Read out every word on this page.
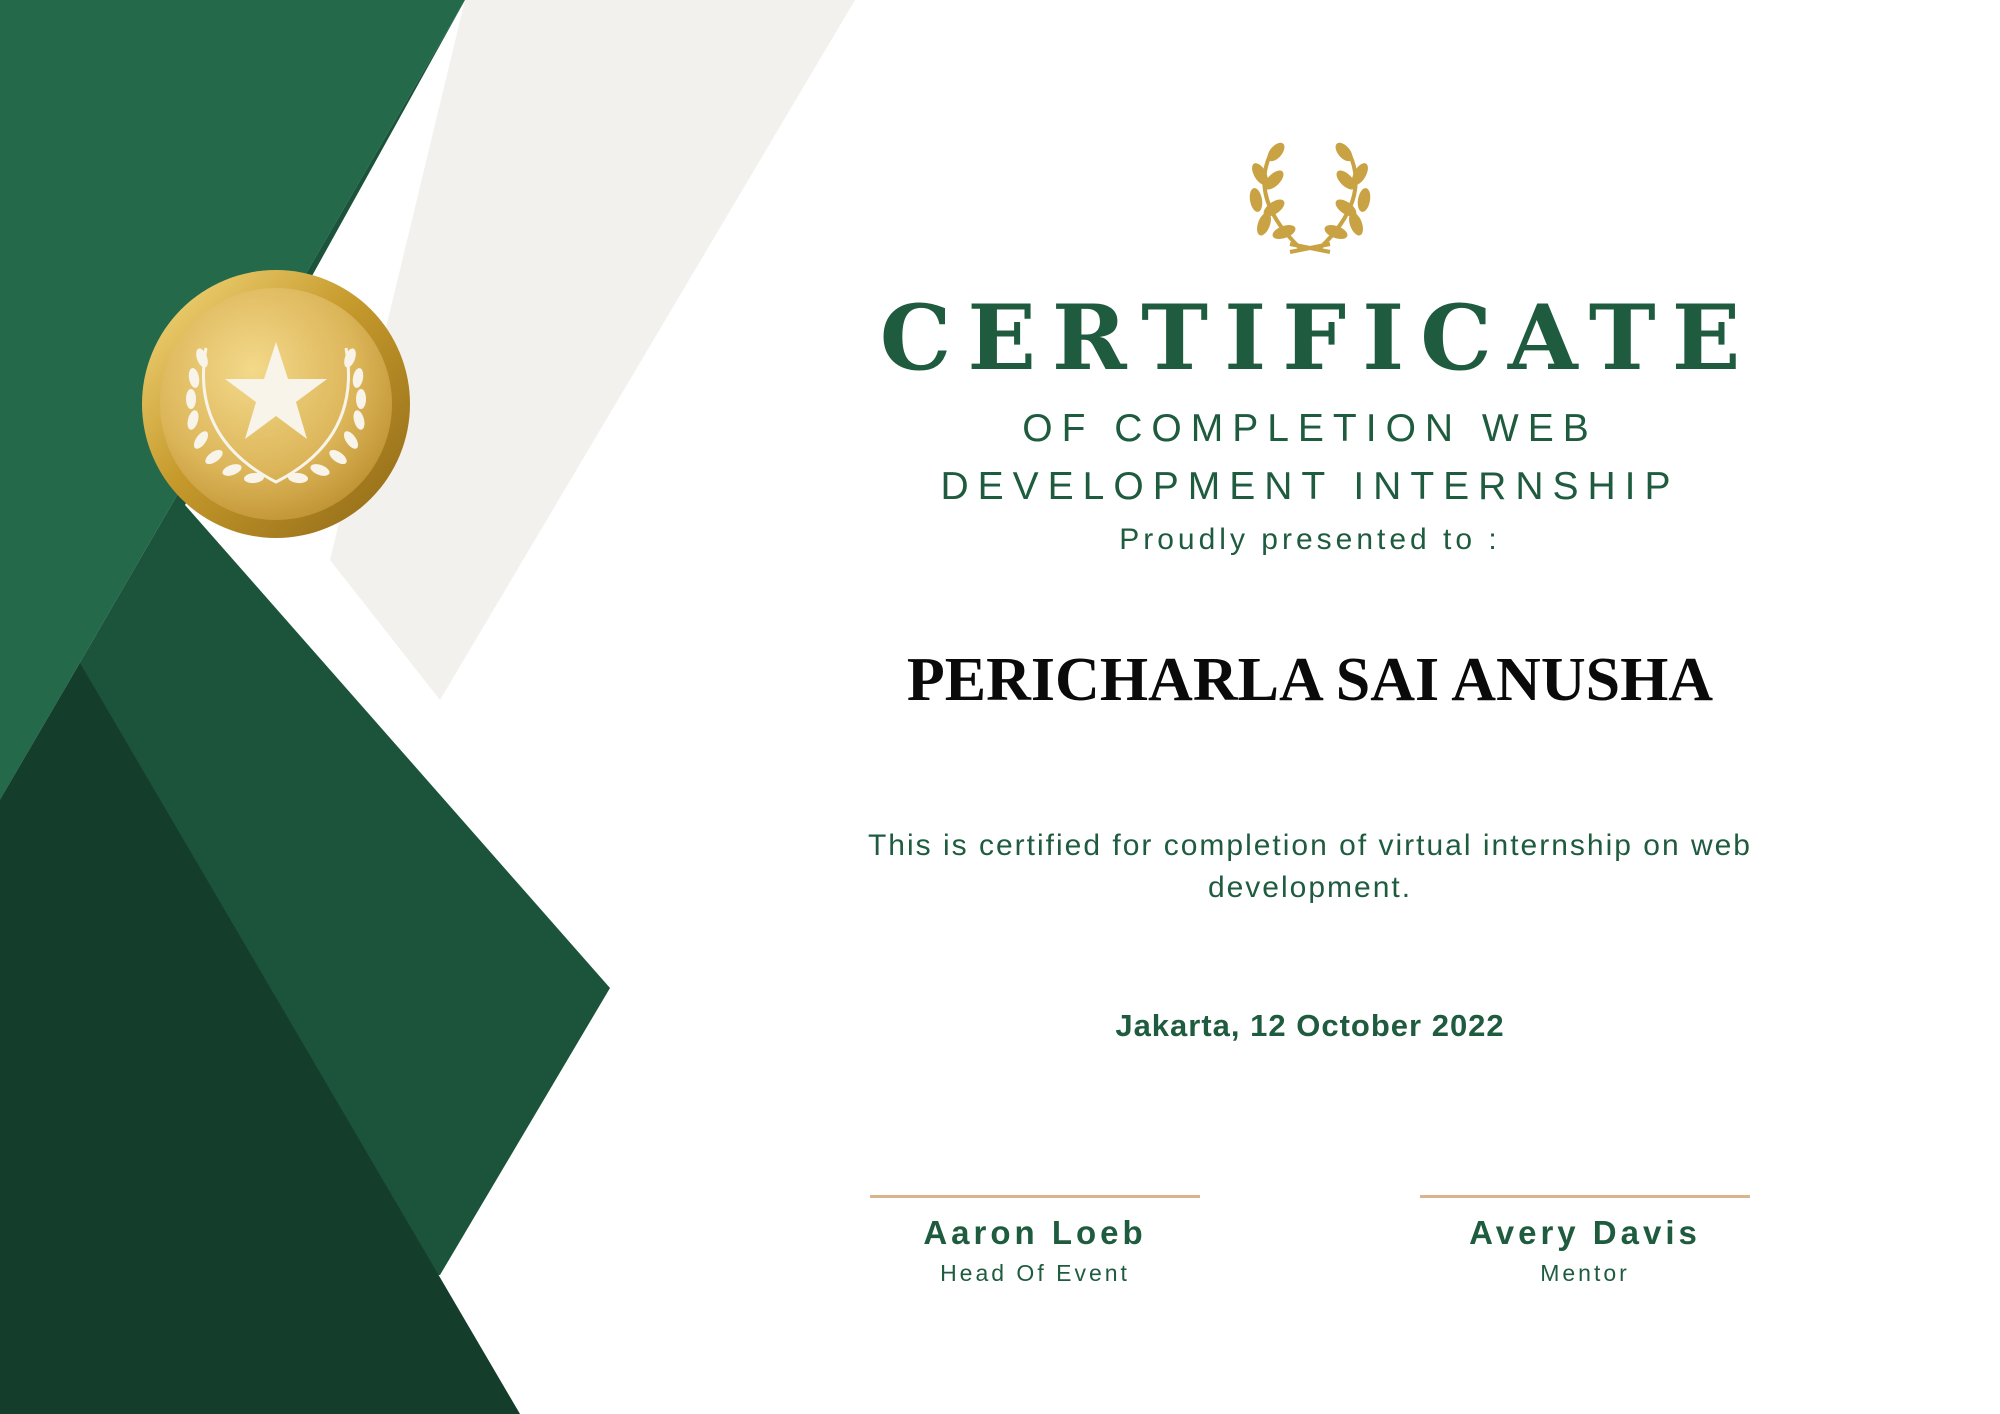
CERTIFICATE
OF COMPLETION WEB
DEVELOPMENT INTERNSHIP
Proudly presented to :
PERICHARLA SAI ANUSHA
This is certified for completion of virtual internship on web development.
Jakarta, 12 October 2022
Aaron Loeb
Head Of Event
Avery Davis
Mentor
